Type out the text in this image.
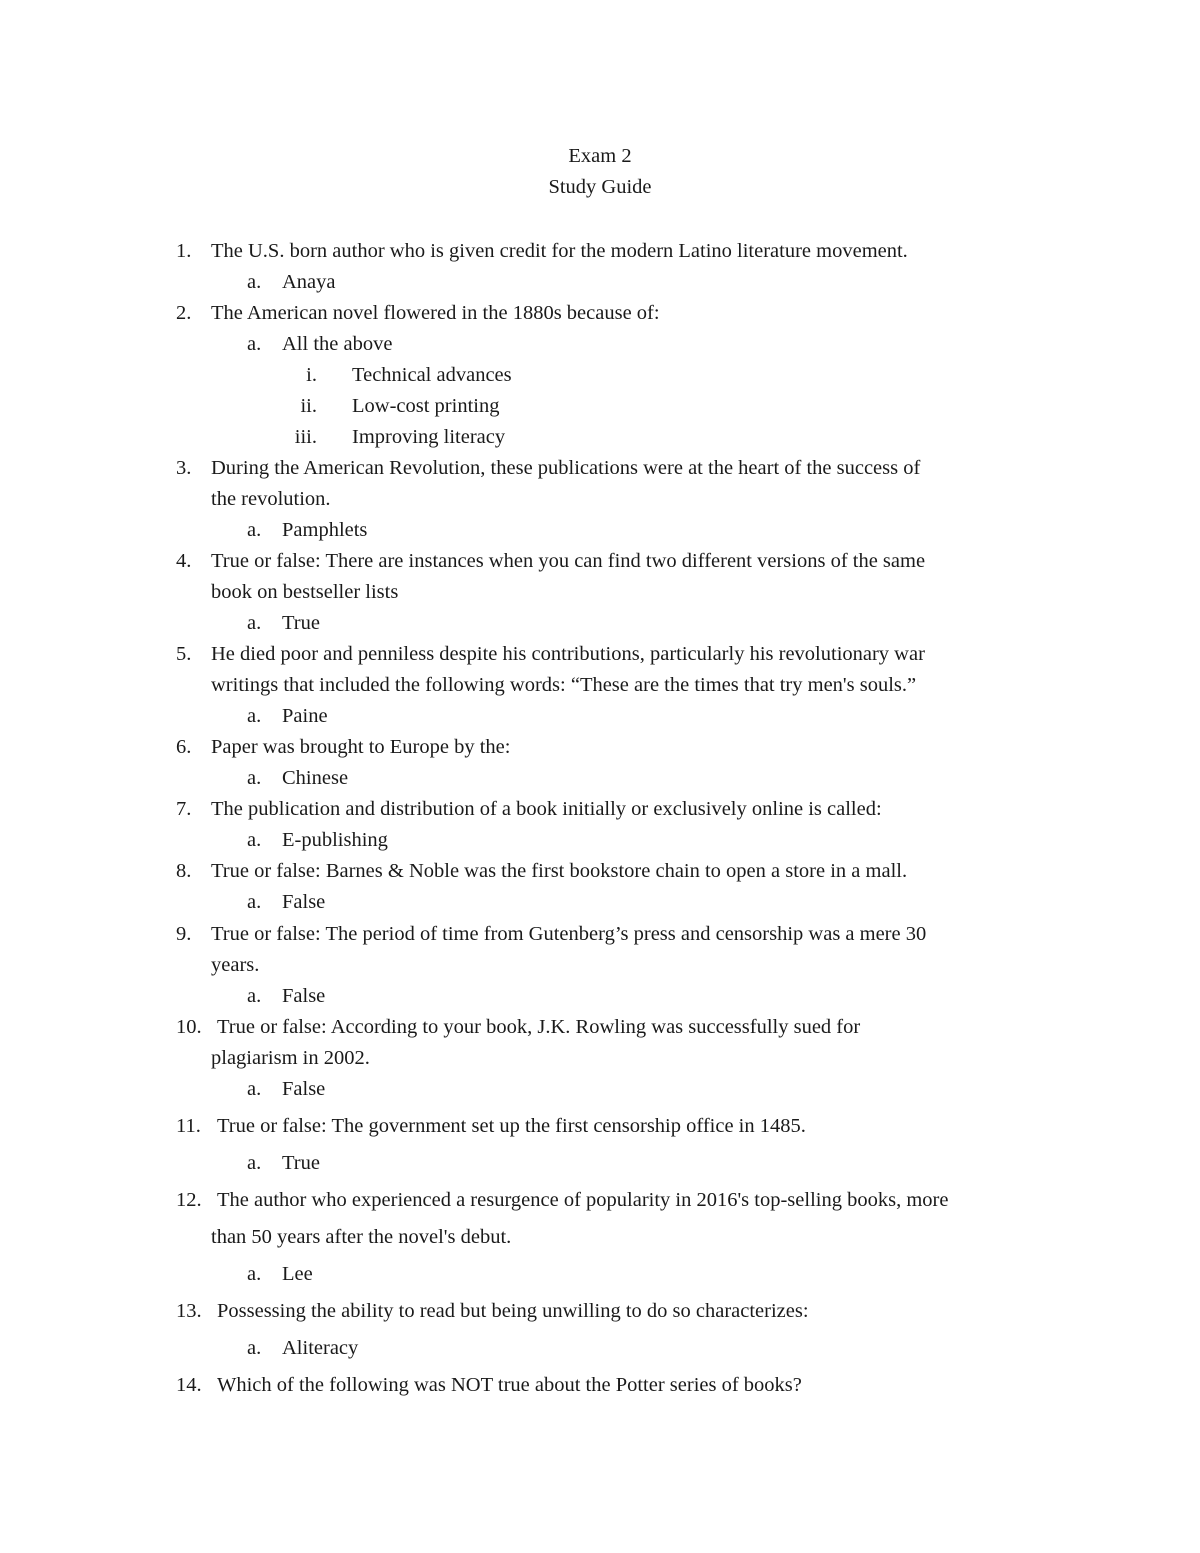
Exam 2
Study Guide
1. The U.S. born author who is given credit for the modern Latino literature movement.
a. Anaya
2. The American novel flowered in the 1880s because of:
a. All the above
i. Technical advances
ii. Low-cost printing
iii. Improving literacy
3. During the American Revolution, these publications were at the heart of the success of
the revolution.
a. Pamphlets
4. True or false: There are instances when you can find two different versions of the same
book on bestseller lists
a. True
5. He died poor and penniless despite his contributions, particularly his revolutionary war
writings that included the following words: “These are the times that try men's souls.”
a. Paine
6. Paper was brought to Europe by the:
a. Chinese
7. The publication and distribution of a book initially or exclusively online is called:
a. E-publishing
8. True or false: Barnes & Noble was the first bookstore chain to open a store in a mall.
a. False
9. True or false: The period of time from Gutenberg’s press and censorship was a mere 30
years.
a. False
10. True or false: According to your book, J.K. Rowling was successfully sued for
plagiarism in 2002.
a. False
11. True or false: The government set up the first censorship office in 1485.
a. True
12. The author who experienced a resurgence of popularity in 2016's top-selling books, more
than 50 years after the novel's debut.
a. Lee
13. Possessing the ability to read but being unwilling to do so characterizes:
a. Aliteracy
14. Which of the following was NOT true about the Potter series of books?
